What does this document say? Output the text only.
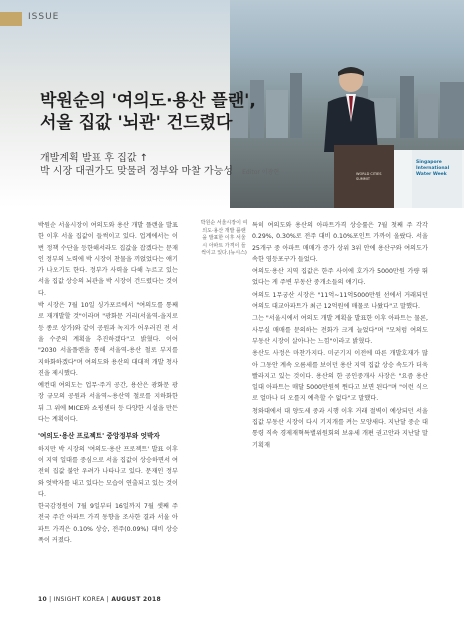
ISSUE
Singapore International Water Week
WORLD CITIES SUMMIT
박원순의 '여의도·용산 플랜',
서울 집값 '뇌관' 건드렸다
개발계획 발표 후 집값 ↑
박 시장 대권가도 맞물려 정부와 마찰 가능성 Editor 이광현

박원순 서울시장이 여의도와 용산 개발 플랜을 발표한 이후 서울 집값이 들썩이고 있다. 업계에서는 이번 정책 수단을 등한해서라도 집값을 잡겠다는 문재인 정부의 노력에 박 시장이 찬물을 끼얹었다는 얘기가 나오기도 한다. 정부가 사력을 다해 누르고 있는 서울 집값 상승의 뇌관을 박 시장이 건드렸다는 것이다.

박 시장은 7월 10일 싱가포르에서 "여의도를 통째로 재개발할 것"이라며 "광화문 거리(서울역-을지로 등 종로 상가)와 같이 공원과 녹지가 어우러진 전 서울 수준의 계획을 추진하겠다"고 밝혔다. 이어 "2030 서울플랜을 통해 서울역-용산 철로 부지를 지하화하겠다"며 여의도와 용산의 대대적 개발 청사진을 제시했다.

예컨대 여의도는 업무·주거 공간, 용산은 광화문 광장 규모의 공원과 서울역~용산역 철로를 지하화한 뒤 그 위에 MICE와 쇼핑센터 등 다양한 시설을 만든다는 계획이다.

'여의도·용산 프로젝트' 중앙정부와 엇박자

하지만 박 시장의 '여의도·용산 프로젝트' 발표 이후 이 지역 일대를 중심으로 서울 집값이 상승하면서 여전히 집값 불안 우려가 나타나고 있다. 문재인 정부와 엇박자를 내고 있다는 모습이 연출되고 있는 것이다.

한국감정원이 7월 9일부터 16일까지 7월 셋째 주 전국 주간 아파트 가격 동향을 조사한 결과 서울 아파트 가격은 0.10% 상승, 전주(0.09%) 대비 상승폭이 커졌다.

박원순 서울시장이 여의도·용산 개발 플랜을 발표한 이후 서울시 아파트 가격이 들썩이고 있다.(뉴시스)

특히 여의도와 용산의 아파트가격 상승률은 7월 첫째 주 각각 0.29%, 0.30%로 전주 대비 0.10%포인트 가까이 올랐다. 서울 25개구 중 아파트 매매가 증가 상위 3위 안에 용산구와 여의도가 속한 영등포구가 들었다.

여의도·용산 지역 집값은 한주 사이에 호가가 5000만원 가량 뛰었다는 게 주변 부동산 중개소들의 얘기다.

여의도 1무궁산 시장은 "11억~11억5000만원 선에서 거래되던 여의도 대교아파트가 최근 12억원에 매물로 나왔다"고 말했다.

그는 "서울시에서 여의도 개발 계획을 발표한 이후 아파트는 물론, 사무실 매매를 문의하는 전화가 크게 늘었다"며 "모처럼 여의도 부동산 시장이 살아나는 느낌"이라고 밝혔다.

용산도 사정은 마찬가지다. 미군기지 이전에 따른 개발호재가 많아 그동안 계속 오름세를 보이던 용산 지역 집값 상승 속도가 더욱 빨라지고 있는 것이다. 용산의 한 공인중개사 사장은 "요즘 용산 일대 아파트는 매달 5000만원씩 뛴다고 보면 된다"며 "이런 식으로 얼마나 더 오를지 예측할 수 없다"고 말했다.

청와대에서 대 양도세 중과 시행 이후 거래 절벽이 예상되던 서울 집값 부동산 시장이 다시 기지개를 켜는 모양새다. 지난달 중순 대통령 직속 경제재혁특별위원회의 보유세 개편 권고안과 지난달 말 기획재

10 | INSIGHT KOREA | AUGUST 2018
